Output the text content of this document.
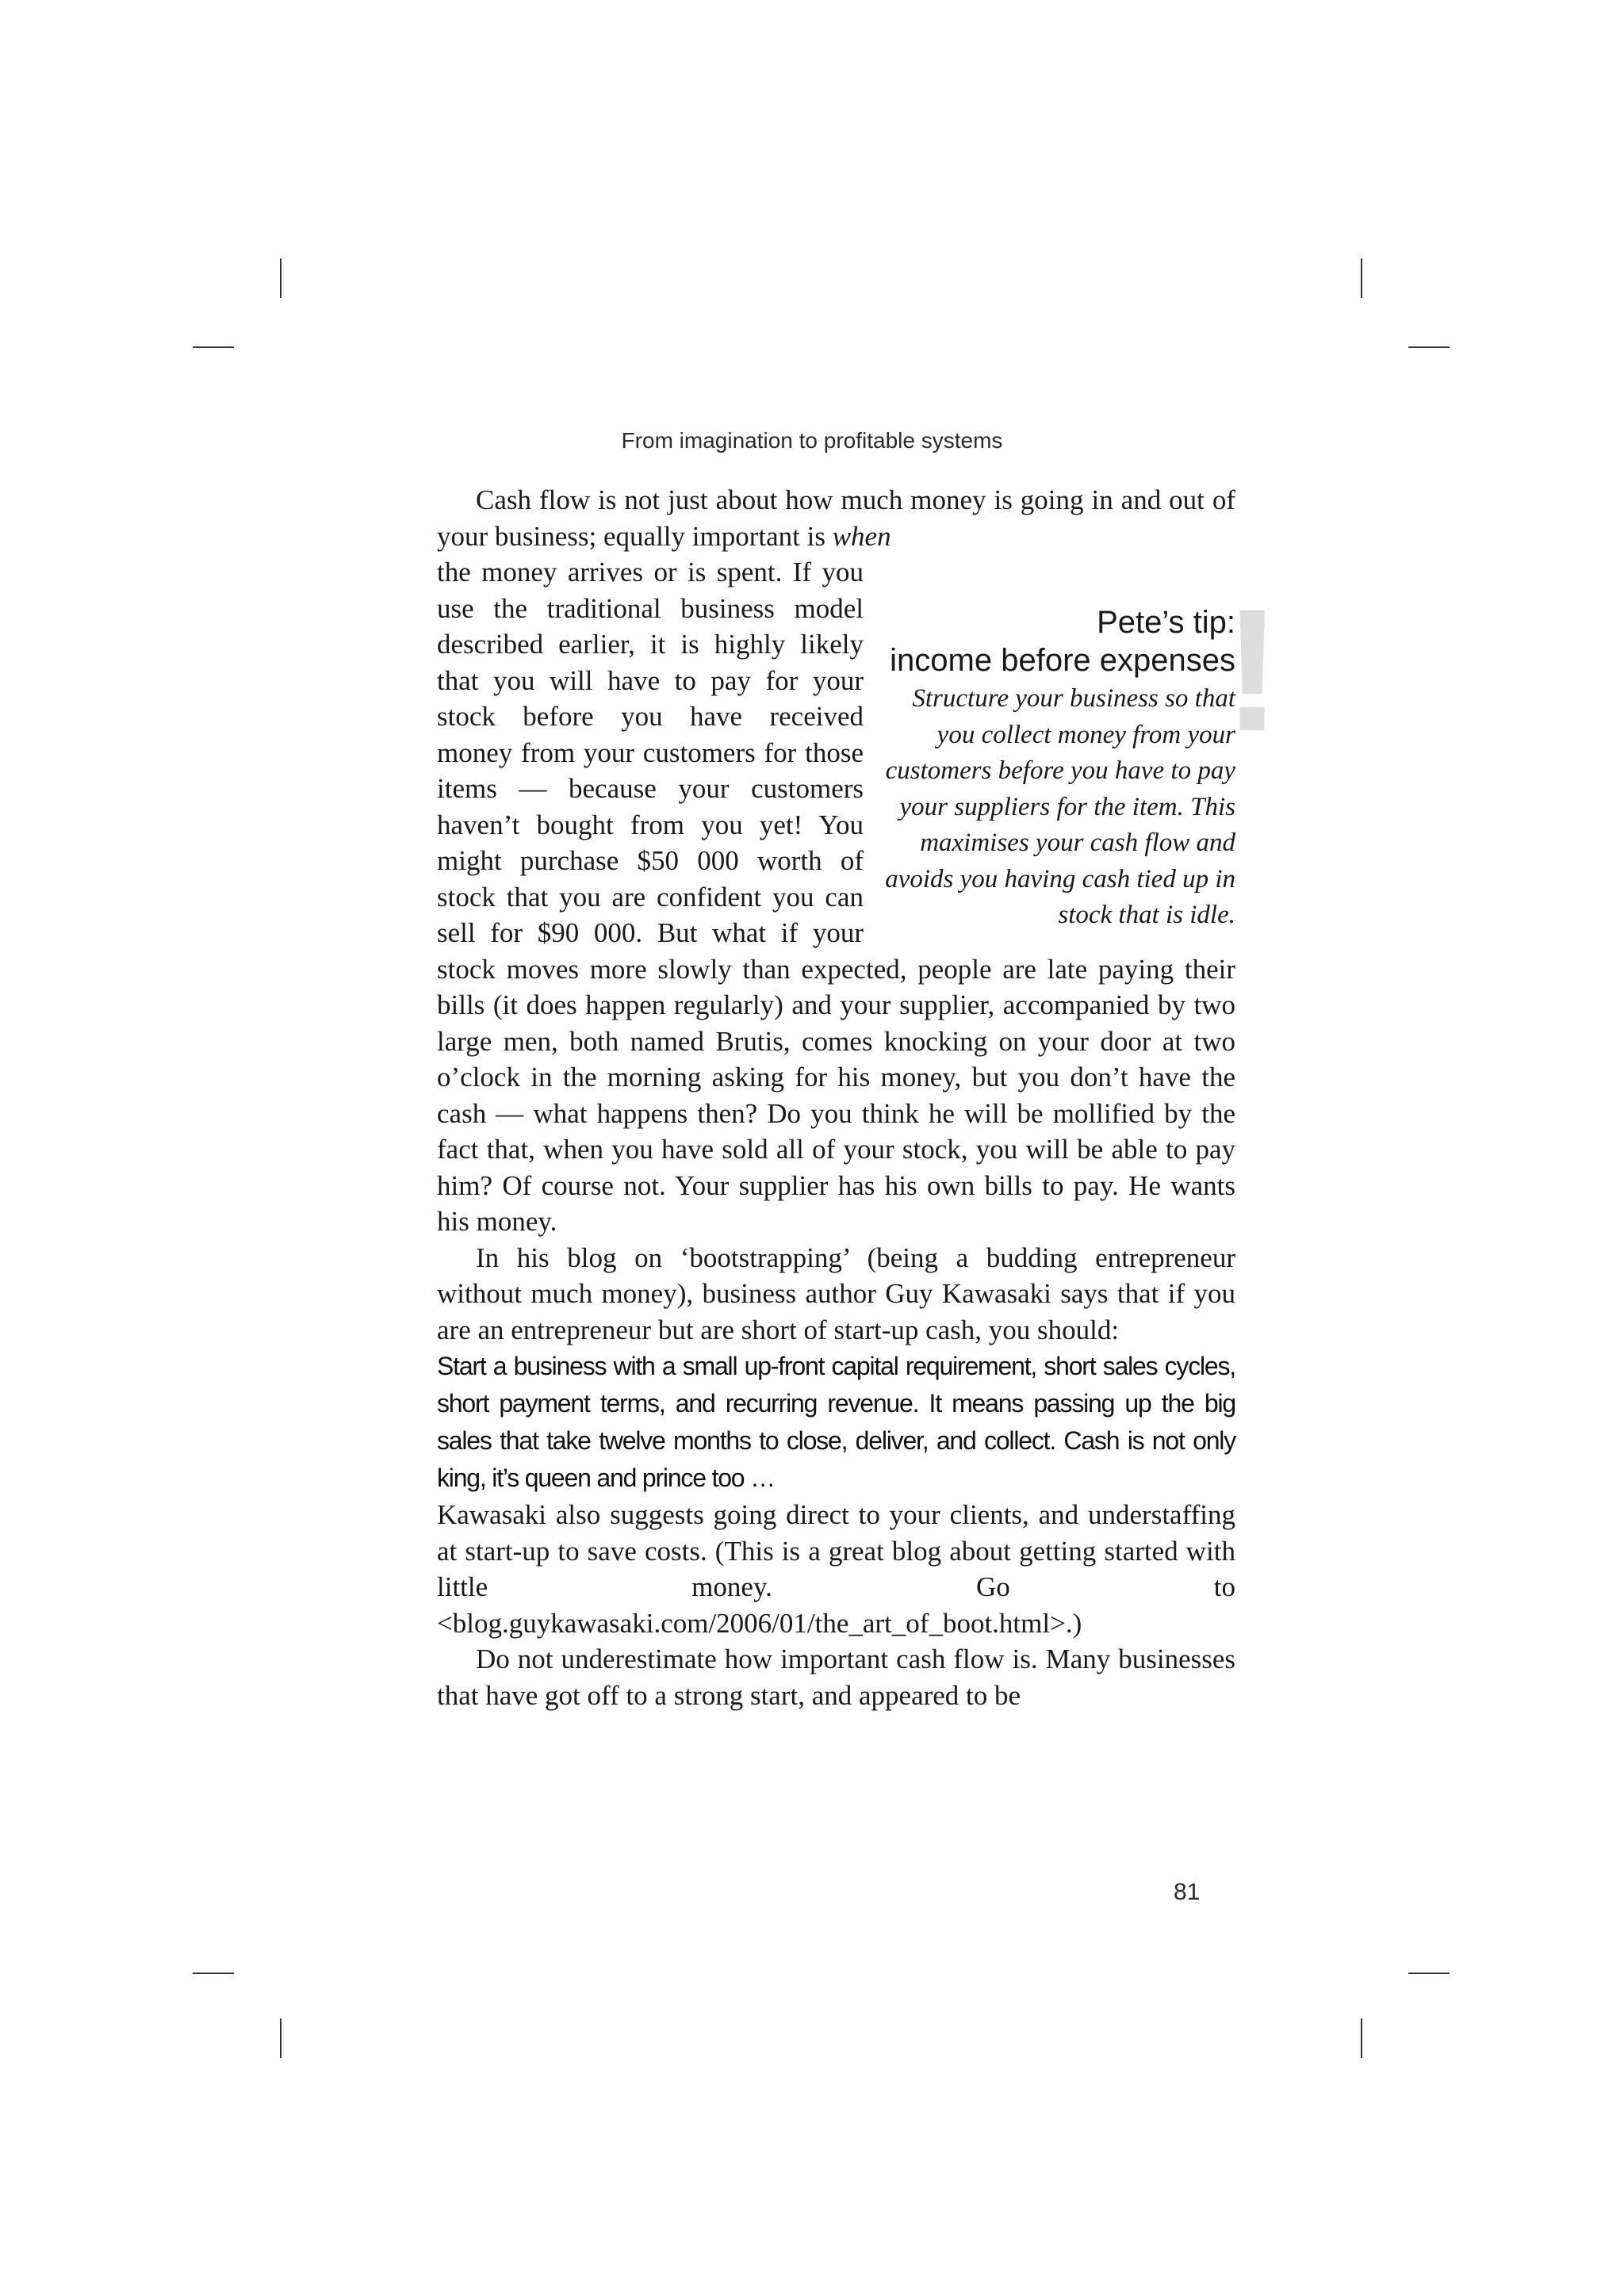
From imagination to profitable systems

Cash flow is not just about how much money is going in and out of your business; equally important is when

!
Pete’s tip:
income before expenses

Structure your business so that you collect money from your customers before you have to pay your suppliers for the item. This maximises your cash flow and avoids you having cash tied up in stock that is idle.

the money arrives or is spent. If you use the traditional business model described earlier, it is highly likely that you will have to pay for your stock before you have received money from your customers for those items — because your customers haven’t bought from you yet! You might purchase $50 000 worth of stock that you are confident you can sell for $90 000. But what if your stock moves more slowly than expected, people are late paying their bills (it does happen regularly) and your supplier, accompanied by two large men, both named Brutis, comes knocking on your door at two o’clock in the morning asking for his money, but you don’t have the cash — what happens then? Do you think he will be mollified by the fact that, when you have sold all of your stock, you will be able to pay him? Of course not. Your supplier has his own bills to pay. He wants his money.

In his blog on ‘bootstrapping’ (being a budding entrepreneur without much money), business author Guy Kawasaki says that if you are an entrepreneur but are short of start-up cash, you should:

Start a business with a small up-front capital requirement, short sales cycles, short payment terms, and recurring revenue. It means passing up the big sales that take twelve months to close, deliver, and collect. Cash is not only king, it’s queen and prince too …

Kawasaki also suggests going direct to your clients, and understaffing at start-up to save costs. (This is a great blog about getting started with little money. Go to <blog.guykawasaki.com/2006/01/the_art_of_boot.html>.)

Do not underestimate how important cash flow is. Many businesses that have got off to a strong start, and appeared to be

81
